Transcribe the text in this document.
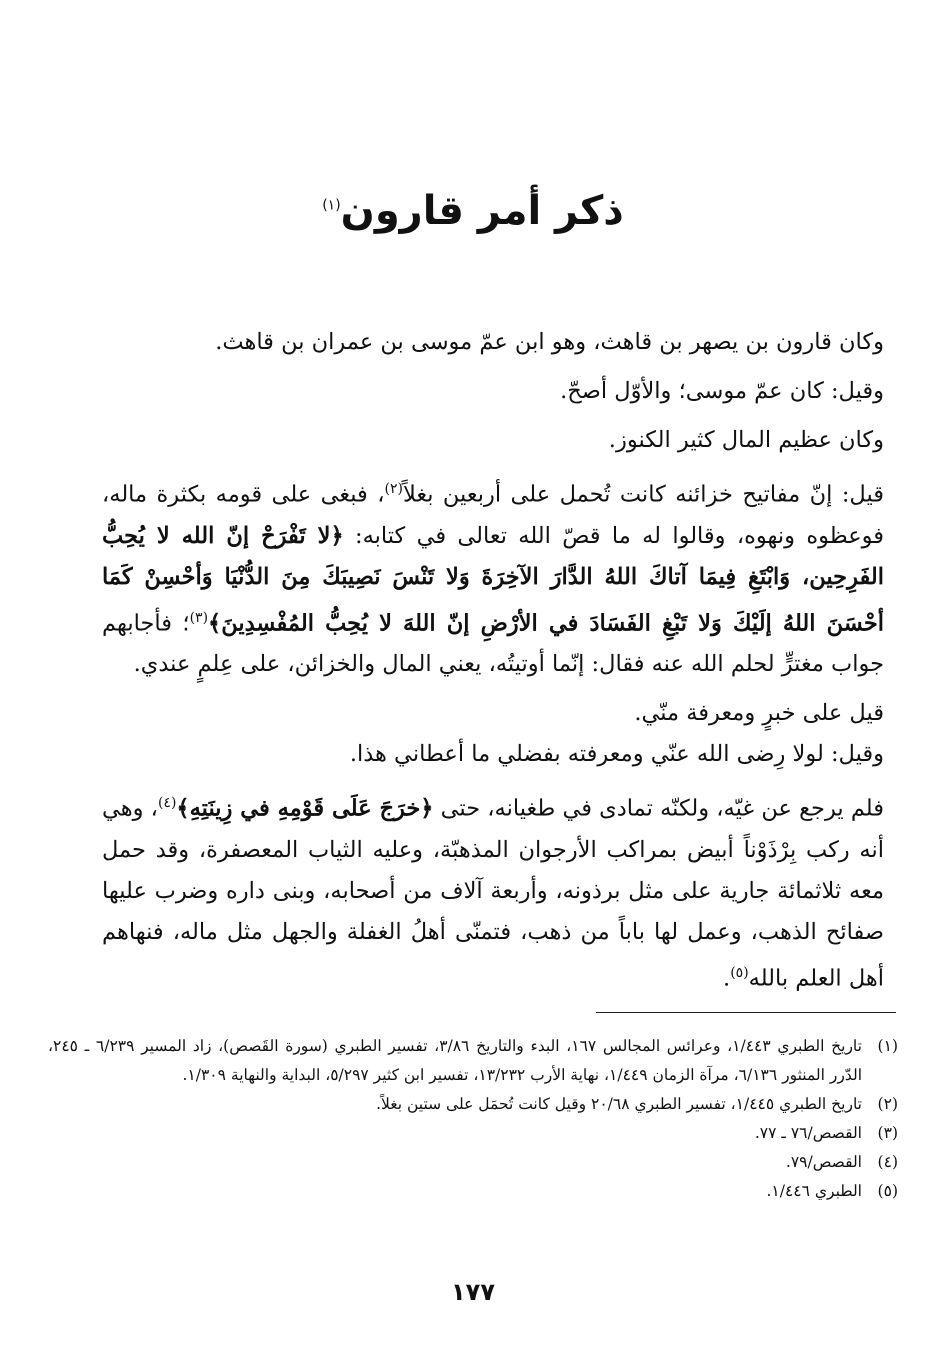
ذكر أمر قارون$^{(١)}$

وكان قارون بن يصهر بن قاهث، وهو ابن عمّ موسى بن عمران بن قاهث.

وقيل: كان عمّ موسى؛ والأوّل أصحّ.

وكان عظيم المال كثير الكنوز.

قيل: إنّ مفاتيح خزائنه كانت تُحمل على أربعين بغلاً$^{(٢)}$، فبغى على قومه بكثرة ماله، فوعظوه ونهوه، وقالوا له ما قصّ الله تعالى في كتابه: ﴿لا تَفْرَحْ إنّ الله لا يُحِبُّ الفَرِحِين، وَابْتَغِ فِيمَا آتاكَ اللهُ الدَّارَ الآخِرَةَ وَلا تَنْسَ نَصِيبَكَ مِنَ الدُّنْيَا وَأحْسِنْ كَمَا أحْسَنَ اللهُ إلَيْكَ وَلا تَبْغِ الفَسَادَ في الأرْضِ إنّ اللهَ لا يُحِبُّ المُفْسِدِينَ﴾$^{(٣)}$؛ فأجابهم جواب مغترٍّ لحلم الله عنه فقال: إنّما أوتيتُه، يعني المال والخزائن، على عِلمٍ عندي.

قيل على خبرٍ ومعرفة منّي.

وقيل: لولا رِضى الله عنّي ومعرفته بفضلي ما أعطاني هذا.

فلم يرجع عن غيّه، ولكنّه تمادى في طغيانه، حتى ﴿خرَجَ عَلَى قَوْمِهِ في زِينَتِهِ﴾$^{(٤)}$، وهي أنه ركب بِرْذَوْناً أبيض بمراكب الأرجوان المذهبّة، وعليه الثياب المعصفرة، وقد حمل معه ثلاثمائة جارية على مثل برذونه، وأربعة آلاف من أصحابه، وبنى داره وضرب عليها صفائح الذهب، وعمل لها باباً من ذهب، فتمنّى أهلُ الغفلة والجهل مثل ماله، فنهاهم أهل العلم بالله$^{(٥)}$.

(١)
تاريخ الطبري ١/٤٤٣، وعرائس المجالس ١٦٧، البدء والتاريخ ٣/٨٦، تفسير الطبري (سورة القَصص)، زاد المسير ٦/٢٣٩ ـ ٢٤٥، الدّرر المنثور ٦/١٣٦، مرآة الزمان ١/٤٤٩، نهاية الأرب ١٣/٢٣٢، تفسير ابن كثير ٥/٢٩٧، البداية والنهاية ١/٣٠٩.
(٢)
تاريخ الطبري ١/٤٤٥، تفسير الطبري ٢٠/٦٨ وقيل كانت تُحمَل على ستين بغلاً.
(٣)
القصص/٧٦ ـ ٧٧.
(٤)
القصص/٧٩.
(٥)
الطبري ١/٤٤٦.
١٧٧
